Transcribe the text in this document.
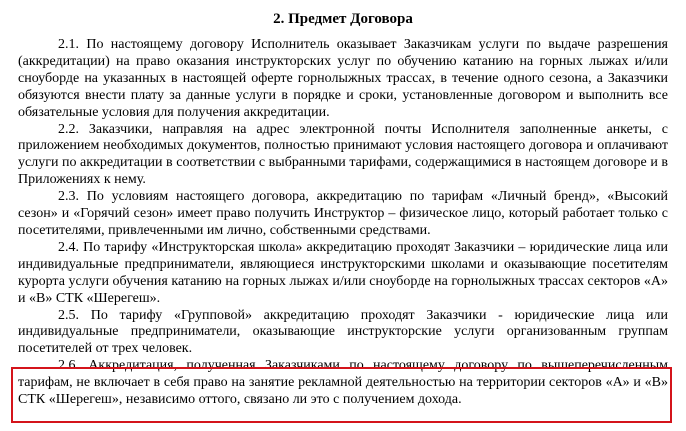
2. Предмет Договора

2.1. По настоящему договору Исполнитель оказывает Заказчикам услуги по выдаче разрешения (аккредитации) на право оказания инструкторских услуг по обучению катанию на горных лыжах и/или сноуборде на указанных в настоящей оферте горнолыжных трассах, в течение одного сезона, а Заказчики обязуются внести плату за данные услуги в порядке и сроки, установленные договором и выполнить все обязательные условия для получения аккредитации.

2.2. Заказчики, направляя на адрес электронной почты Исполнителя заполненные анкеты, с приложением необходимых документов, полностью принимают условия настоящего договора и оплачивают услуги по аккредитации в соответствии с выбранными тарифами, содержащимися в настоящем договоре и в Приложениях к нему.

2.3. По условиям настоящего договора, аккредитацию по тарифам «Личный бренд», «Высокий сезон» и «Горячий сезон» имеет право получить Инструктор – физическое лицо, который работает только с посетителями, привлеченными им лично, собственными средствами.

2.4. По тарифу «Инструкторская школа» аккредитацию проходят Заказчики – юридические лица или индивидуальные предприниматели, являющиеся инструкторскими школами и оказывающие посетителям курорта услуги обучения катанию на горных лыжах и/или сноуборде на горнолыжных трассах секторов «А» и «В» СТК «Шерегеш».

2.5. По тарифу «Групповой» аккредитацию проходят Заказчики - юридические лица или индивидуальные предприниматели, оказывающие инструкторские услуги организованным группам посетителей от трех человек.

2.6. Аккредитация, полученная Заказчиками по настоящему договору по вышеперечисленным тарифам, не включает в себя право на занятие рекламной деятельностью на территории секторов «А» и «В» СТК «Шерегеш», независимо оттого, связано ли это с получением дохода.
